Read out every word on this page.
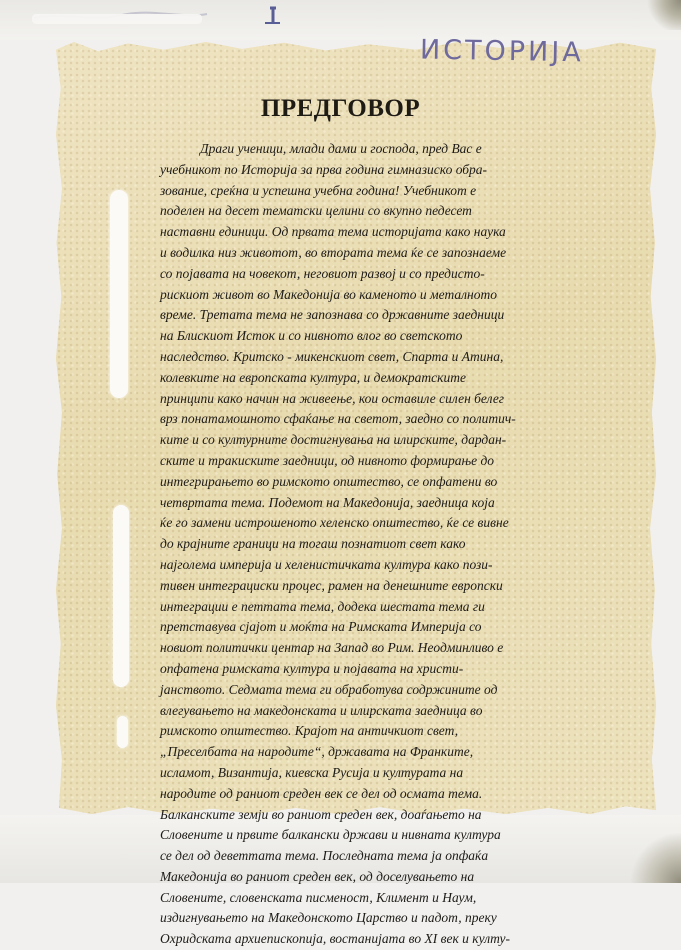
ИСТОРИЈА
ПРЕДГОВОР
Драги ученици, млади дами и господа, пред Вас е
учебникот по Историја за прва година гимназиско обра-
зование, среќна и успешна учебна година! Учебникот е
поделен на десет тематски целини со вкупно педесет
наставни единици. Од првата тема историјата како наука
и водилка низ животот, во втората тема ќе се запознаеме
со појавата на човекот, неговиот развој и со предисто-
рискиот живот во Македонија во каменото и металното
време. Третата тема не запознава со државните заедници
на Блискиот Исток и со нивното влог во светското
наследство. Критско - микенскиот свет, Спарта и Атина,
колевките на европската култура, и демократските
принципи како начин на живеење, кои оставиле силен белег
врз понатамошното сфаќање на светот, заедно со политич-
ките и со културните достигнувања на илирските, дардан-
ските и тракиските заедници, од нивното формирање до
интегрирањето во римското општество, се опфатени во
четвртата тема. Подемот на Македонија, заедница која
ќе го замени истрошеното хеленско општество, ќе се вивне
до крајните граници на тогаш познатиот свет како
најголема империја и хеленистичката култура како пози-
тивен интеграциски процес, рамен на денешните европски
интеграции е петтата тема, додека шестата тема ги
претставува сјајот и моќта на Римската Империја со
новиот политички центар на Запад во Рим. Неодминливо е
опфатена римската култура и појавата на христи-
јанството. Седмата тема ги обработува содржините од
влегувањето на македонската и илирската заедница во
римското општество. Крајот на античкиот свет,
„Преселбата на народите“, државата на Франките,
исламот, Византија, киевска Русија и културата на
народите од раниот среден век се дел од осмата тема.
Балканските земји во раниот среден век, доаѓањето на
Словените и првите балкански држави и нивната култура
се дел од деветтата тема. Последната тема ја опфаќа
Македонија во раниот среден век, од доселувањето на
Словените, словенската писменост, Климент и Наум,
издигнувањето на Македонското Царство и падот, преку
Охридската архиепископија, востанијата во XI век и култу-
